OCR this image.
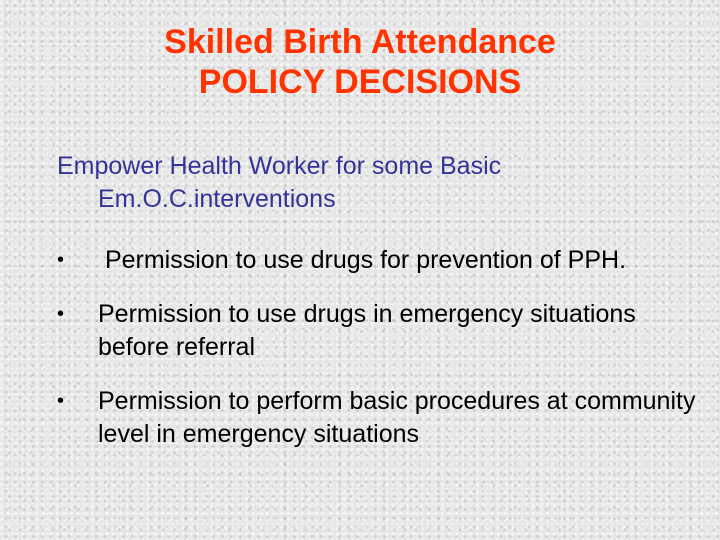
Skilled Birth Attendance
POLICY DECISIONS
Empower Health Worker for some Basic
Em.O.C.interventions
• Permission to use drugs for prevention of PPH.
• Permission to use drugs in emergency situations before referral
• Permission to perform basic procedures at community level in emergency situations
